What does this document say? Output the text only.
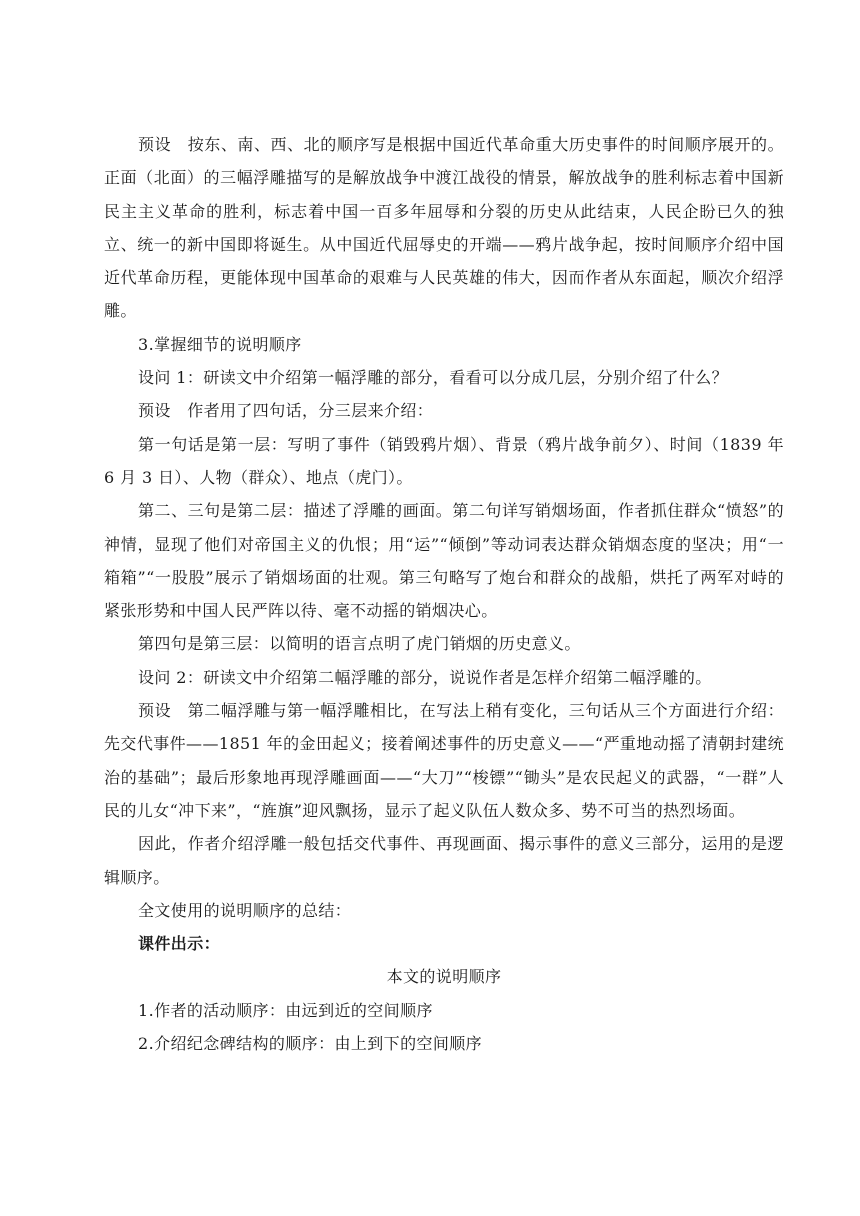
预设　按东、南、西、北的顺序写是根据中国近代革命重大历史事件的时间顺序展开的。正面（北面）的三幅浮雕描写的是解放战争中渡江战役的情景，解放战争的胜利标志着中国新民主主义革命的胜利，标志着中国一百多年屈辱和分裂的历史从此结束，人民企盼已久的独立、统一的新中国即将诞生。从中国近代屈辱史的开端——鸦片战争起，按时间顺序介绍中国近代革命历程，更能体现中国革命的艰难与人民英雄的伟大，因而作者从东面起，顺次介绍浮雕。

3.掌握细节的说明顺序

设问 1：研读文中介绍第一幅浮雕的部分，看看可以分成几层，分别介绍了什么？

预设　作者用了四句话，分三层来介绍：

第一句话是第一层：写明了事件（销毁鸦片烟）、背景（鸦片战争前夕）、时间（1839 年 6 月 3 日）、人物（群众）、地点（虎门）。

第二、三句是第二层：描述了浮雕的画面。第二句详写销烟场面，作者抓住群众“愤怒”的神情，显现了他们对帝国主义的仇恨；用“运”“倾倒”等动词表达群众销烟态度的坚决；用“一箱箱”“一股股”展示了销烟场面的壮观。第三句略写了炮台和群众的战船，烘托了两军对峙的紧张形势和中国人民严阵以待、毫不动摇的销烟决心。

第四句是第三层：以简明的语言点明了虎门销烟的历史意义。

设问 2：研读文中介绍第二幅浮雕的部分，说说作者是怎样介绍第二幅浮雕的。

预设　第二幅浮雕与第一幅浮雕相比，在写法上稍有变化，三句话从三个方面进行介绍：先交代事件——1851 年的金田起义；接着阐述事件的历史意义——“严重地动摇了清朝封建统治的基础”；最后形象地再现浮雕画面——“大刀”“梭镖”“锄头”是农民起义的武器，“一群”人民的儿女“冲下来”，“旌旗”迎风飘扬，显示了起义队伍人数众多、势不可当的热烈场面。

因此，作者介绍浮雕一般包括交代事件、再现画面、揭示事件的意义三部分，运用的是逻辑顺序。

全文使用的说明顺序的总结：

课件出示：

本文的说明顺序

1.作者的活动顺序：由远到近的空间顺序

2.介绍纪念碑结构的顺序：由上到下的空间顺序
